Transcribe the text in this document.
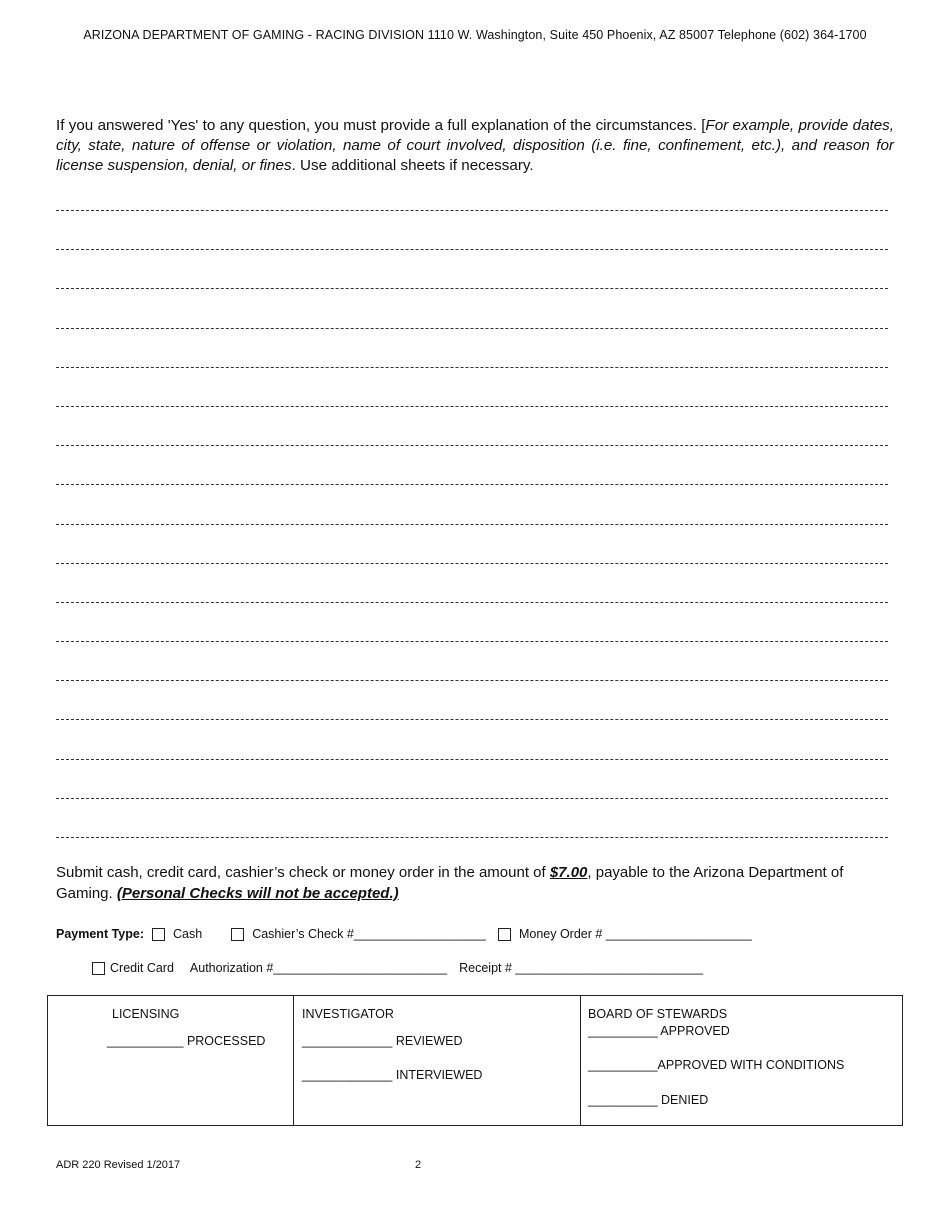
ARIZONA DEPARTMENT OF GAMING - RACING DIVISION 1110 W. Washington, Suite 450 Phoenix, AZ 85007 Telephone (602) 364-1700
If you answered 'Yes' to any question, you must provide a full explanation of the circumstances. [For example, provide dates, city, state, nature of offense or violation, name of court involved, disposition (i.e. fine, confinement, etc.), and reason for license suspension, denial, or fines. Use additional sheets if necessary.
Submit cash, credit card, cashier’s check or money order in the amount of $7.00, payable to the Arizona Department of Gaming. (Personal Checks will not be accepted.)
Payment Type: Cash	Cashier’s Check #___________________	Money Order # _____________________
Credit Card Authorization #_________________________ Receipt # ___________________________
LICENSING
___________ PROCESSED
INVESTIGATOR
_____________ REVIEWED
_____________ INTERVIEWED
BOARD OF STEWARDS
__________ APPROVED
__________APPROVED WITH CONDITIONS
__________ DENIED
ADR 220 Revised 1/2017	2
